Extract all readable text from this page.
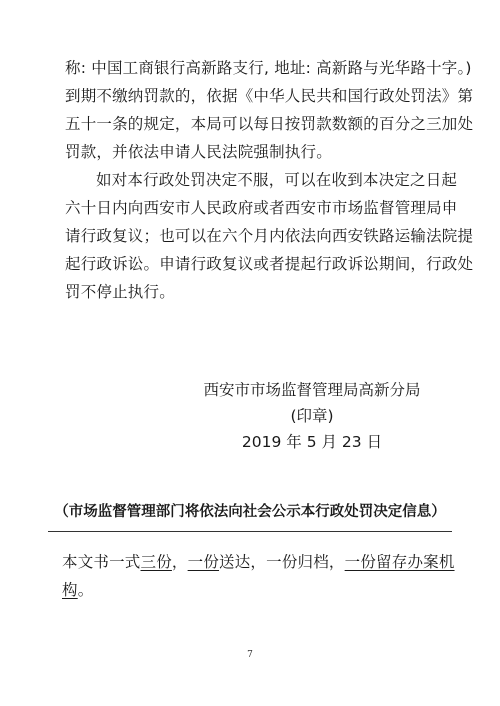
称: 中国工商银行高新路支行, 地址: 高新路与光华路十字。)
到期不缴纳罚款的，依据《中华人民共和国行政处罚法》第
五十一条的规定，本局可以每日按罚款数额的百分之三加处
罚款，并依法申请人民法院强制执行。
如对本行政处罚决定不服，可以在收到本决定之日起
六十日内向西安市人民政府或者西安市市场监督管理局申
请行政复议；也可以在六个月内依法向西安铁路运输法院提
起行政诉讼。申请行政复议或者提起行政诉讼期间，行政处
罚不停止执行。
西安市市场监督管理局高新分局
(印章)
2019 年 5 月 23 日
（市场监督管理部门将依法向社会公示本行政处罚决定信息）
本文书一式三份，一份送达，一份归档，一份留存办案机
构。
7
